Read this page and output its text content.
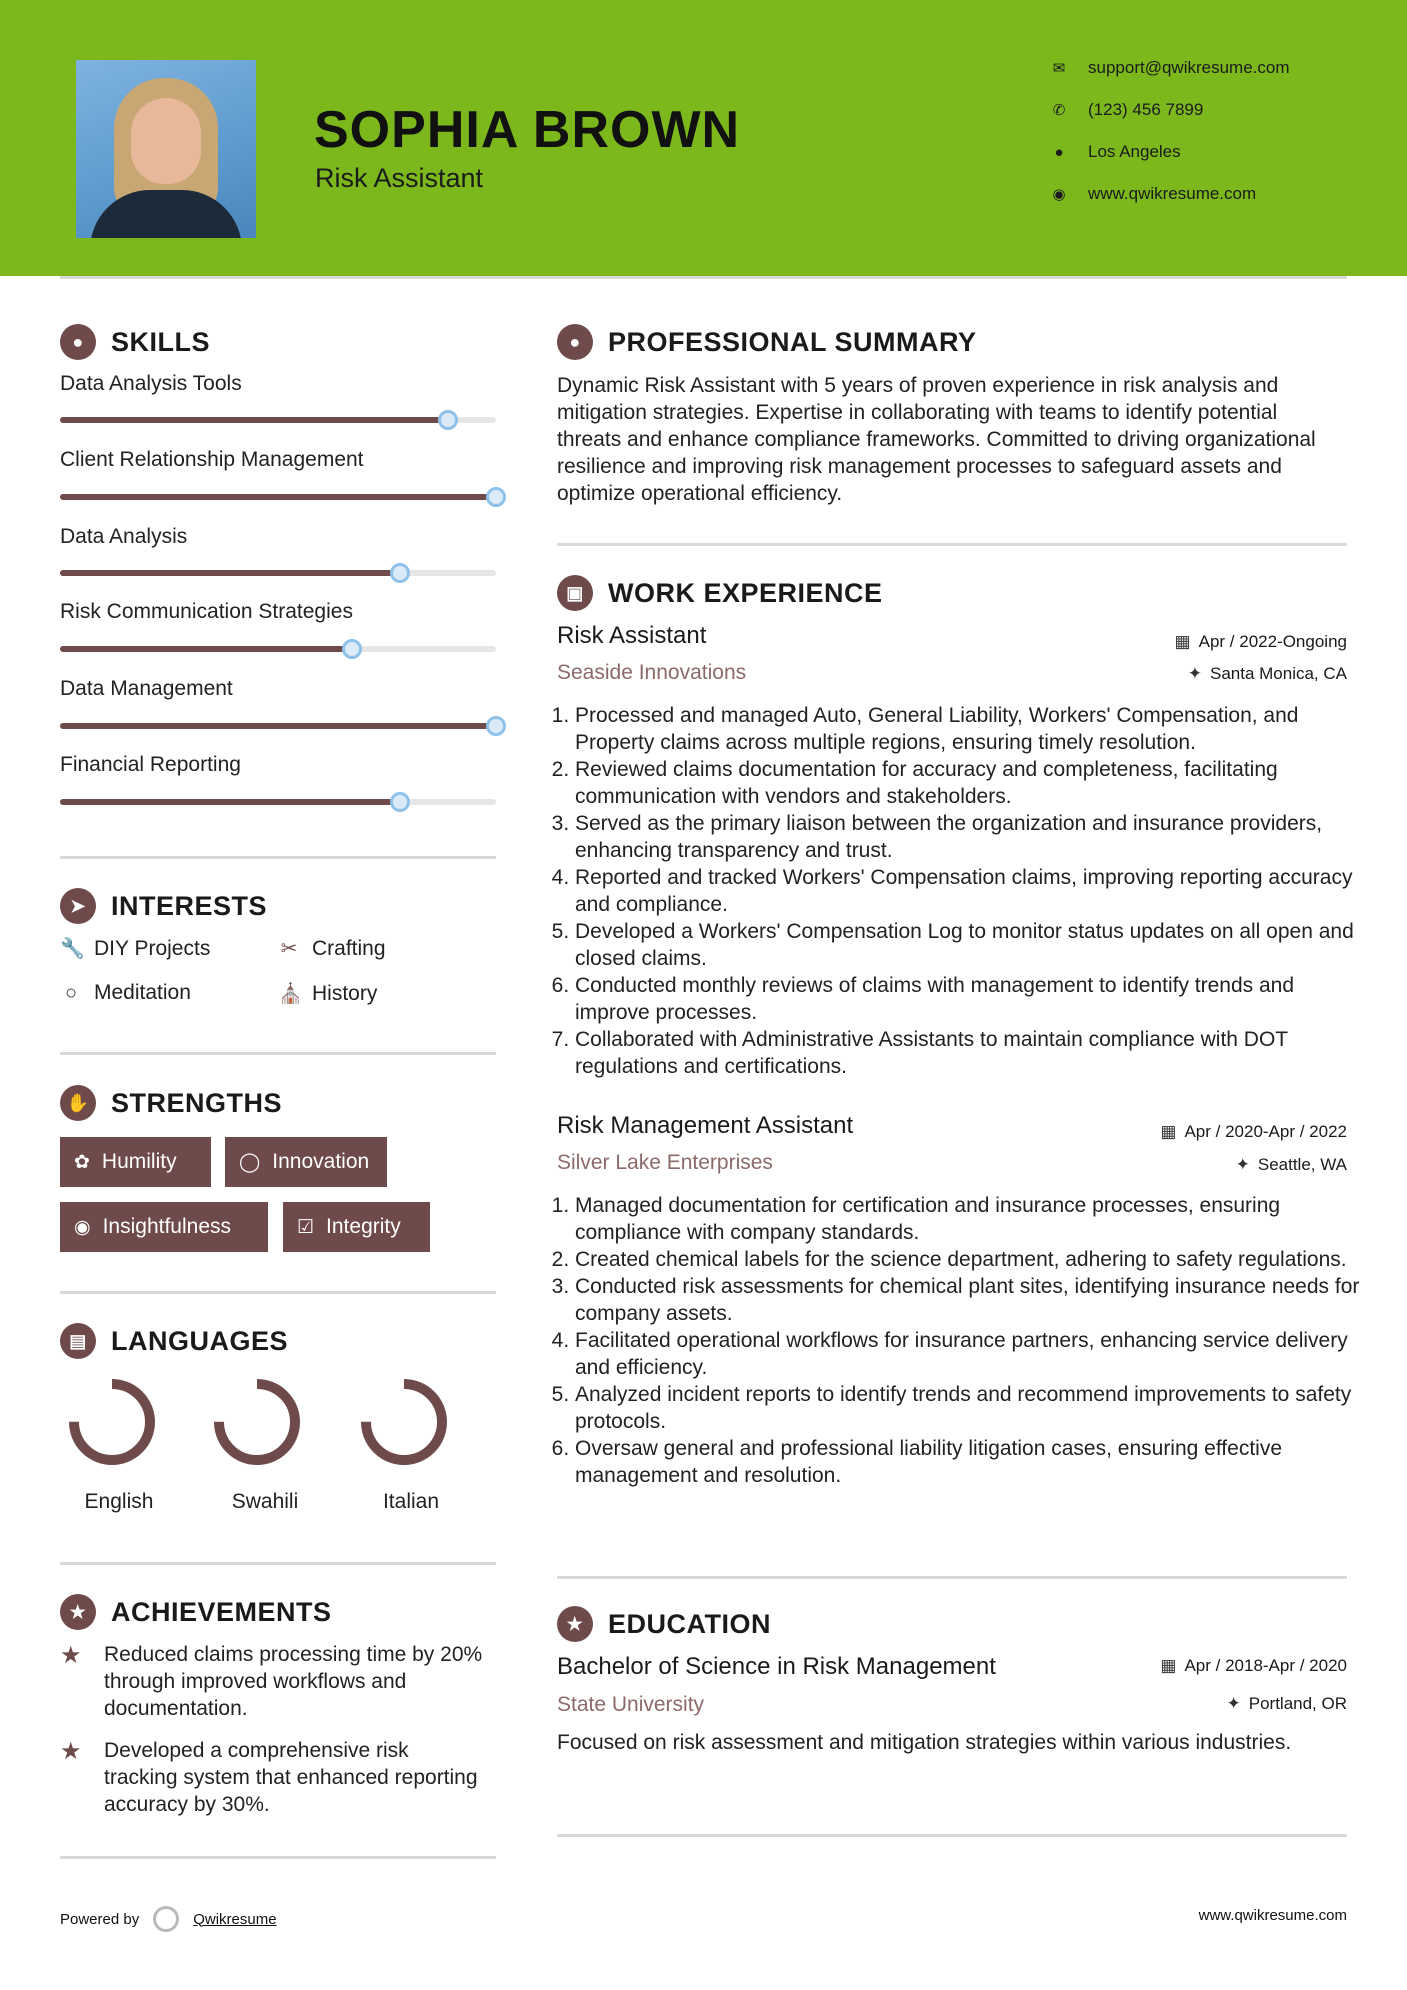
SOPHIA BROWN
Risk Assistant
✉ support@qwikresume.com
✆ (123) 456 7899
● Los Angeles
◉ www.qwikresume.com
●	SKILLS
Data Analysis Tools
Client Relationship Management
Data Analysis
Risk Communication Strategies
Data Management
Financial Reporting
➤ INTERESTS
🔧 DIY Projects	✂ Crafting
○ Meditation	⛪ History
✋ STRENGTHS
✿ Humility	◯ Innovation
◉ Insightfulness	☑ Integrity
▤ LANGUAGES
English	Swahili	Italian
★ ACHIEVEMENTS
★	Reduced claims processing time by 20% through improved workflows and documentation.
★	Developed a comprehensive risk tracking system that enhanced reporting accuracy by 30%.
●	PROFESSIONAL SUMMARY
Dynamic Risk Assistant with 5 years of proven experience in risk analysis and mitigation strategies. Expertise in collaborating with teams to identify potential threats and enhance compliance frameworks. Committed to driving organizational resilience and improving risk management processes to safeguard assets and optimize operational efficiency.
▣ WORK EXPERIENCE
Risk Assistant	▦ Apr / 2022-Ongoing
Seaside Innovations	✦ Santa Monica, CA
1. Processed and managed Auto, General Liability, Workers' Compensation, and Property claims across multiple regions, ensuring timely resolution.
2. Reviewed claims documentation for accuracy and completeness, facilitating communication with vendors and stakeholders.
3. Served as the primary liaison between the organization and insurance providers, enhancing transparency and trust.
4. Reported and tracked Workers' Compensation claims, improving reporting accuracy and compliance.
5. Developed a Workers' Compensation Log to monitor status updates on all open and closed claims.
6. Conducted monthly reviews of claims with management to identify trends and improve processes.
7. Collaborated with Administrative Assistants to maintain compliance with DOT regulations and certifications.
Risk Management Assistant	▦ Apr / 2020-Apr / 2022
Silver Lake Enterprises	✦ Seattle, WA
1. Managed documentation for certification and insurance processes, ensuring compliance with company standards.
2. Created chemical labels for the science department, adhering to safety regulations.
3. Conducted risk assessments for chemical plant sites, identifying insurance needs for company assets.
4. Facilitated operational workflows for insurance partners, enhancing service delivery and efficiency.
5. Analyzed incident reports to identify trends and recommend improvements to safety protocols.
6. Oversaw general and professional liability litigation cases, ensuring effective management and resolution.
★ EDUCATION
Bachelor of Science in Risk Management	▦ Apr / 2018-Apr / 2020
State University	✦ Portland, OR
Focused on risk assessment and mitigation strategies within various industries.
Powered by	Qwikresume	www.qwikresume.com
